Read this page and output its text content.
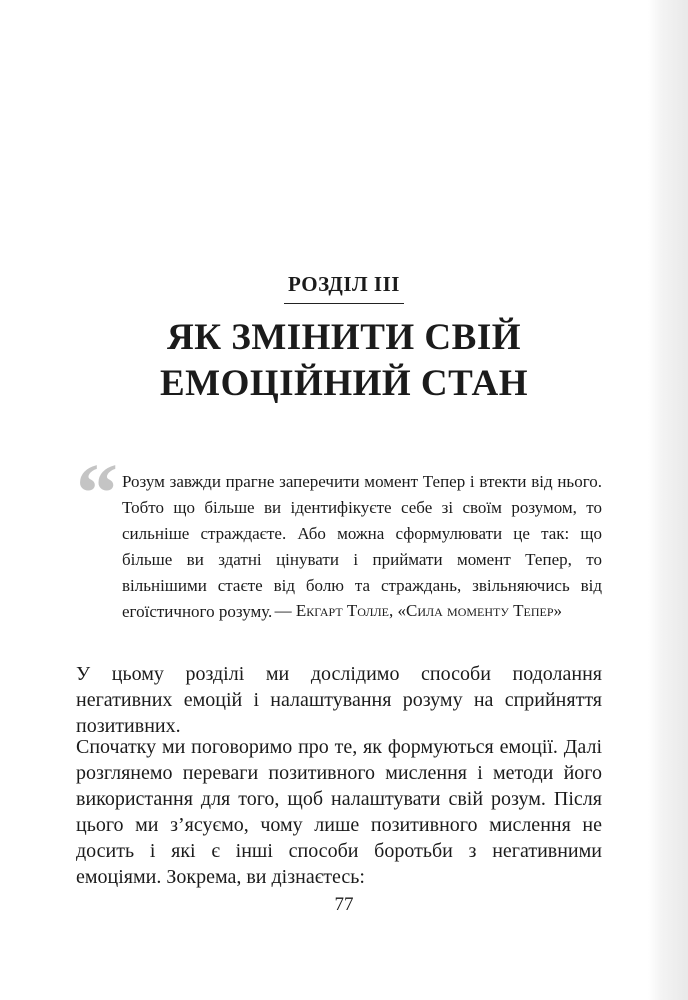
РОЗДІЛ ІІІ
ЯК ЗМІНИТИ СВІЙ
ЕМОЦІЙНИЙ СТАН
“ Розум завжди прагне заперечити момент Тепер і втекти від нього. Тобто що більше ви ідентифікуєте себе зі своїм розумом, то сильніше страждаєте. Або можна сформулювати це так: що більше ви здатні цінувати і приймати момент Тепер, то вільнішими стаєте від болю та страждань, звільняючись від егоїстичного розуму. — Екгарт Толле, «Сила моменту Тепер»
У цьому розділі ми дослідимо способи подолання негативних емоцій і налаштування розуму на сприйняття позитивних.
Спочатку ми поговоримо про те, як формуються емоції. Далі розглянемо переваги позитивного мислення і методи його використання для того, щоб налаштувати свій розум. Після цього ми з’ясуємо, чому лише позитивного мислення не досить і які є інші способи боротьби з негативними емоціями. Зокрема, ви дізнаєтесь:
77
